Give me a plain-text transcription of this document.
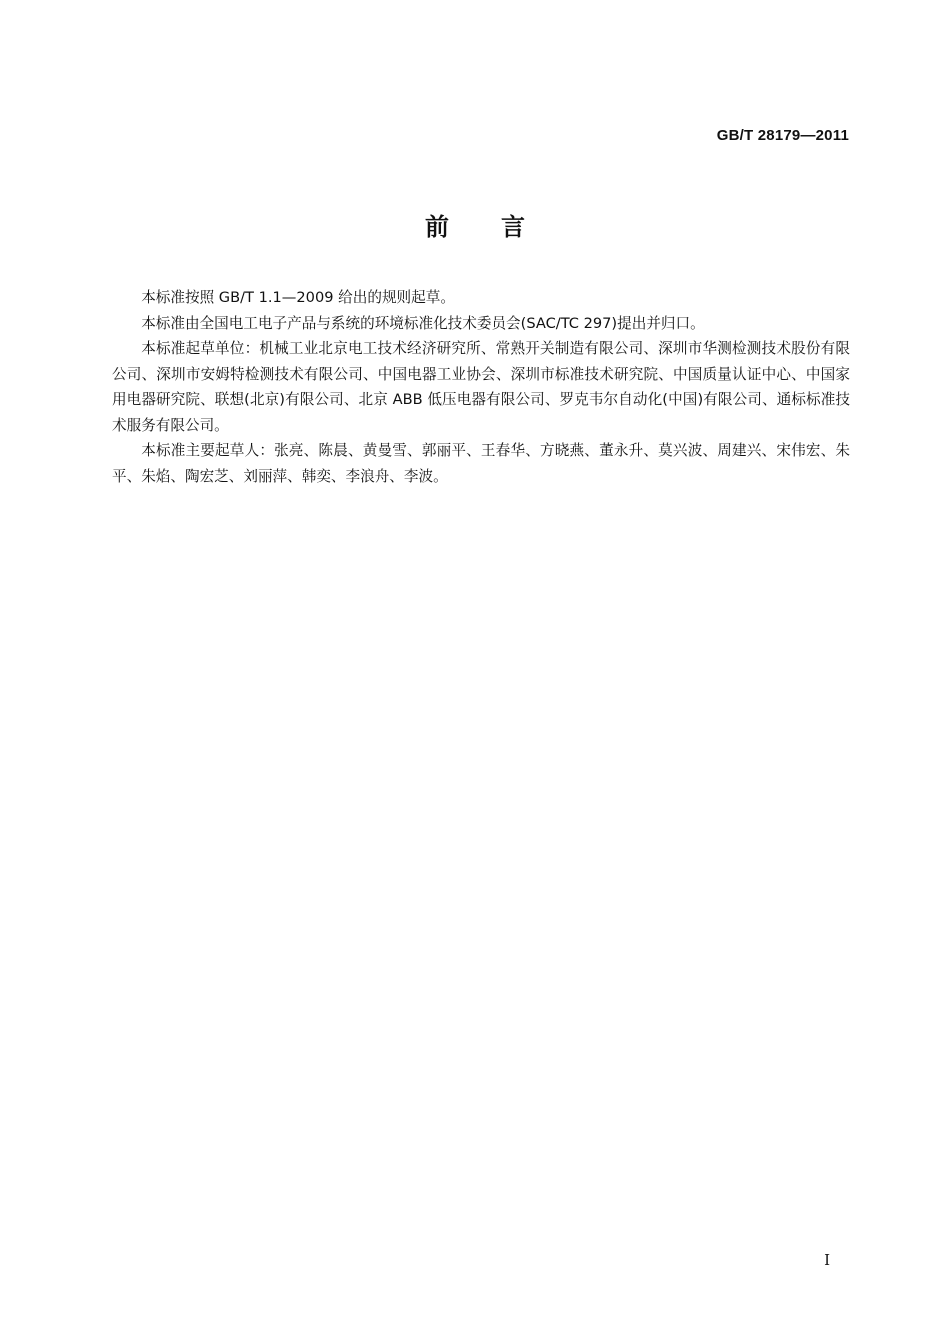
GB/T 28179—2011
前言

本标准按照 GB/T 1.1—2009 给出的规则起草。

本标准由全国电工电子产品与系统的环境标准化技术委员会(SAC/TC 297)提出并归口。

本标准起草单位：机械工业北京电工技术经济研究所、常熟开关制造有限公司、深圳市华测检测技术股份有限公司、深圳市安姆特检测技术有限公司、中国电器工业协会、深圳市标准技术研究院、中国质量认证中心、中国家用电器研究院、联想(北京)有限公司、北京 ABB 低压电器有限公司、罗克韦尔自动化(中国)有限公司、通标标准技术服务有限公司。

本标准主要起草人：张亮、陈晨、黄曼雪、郭丽平、王春华、方晓燕、董永升、莫兴波、周建兴、宋伟宏、朱平、朱焰、陶宏芝、刘丽萍、韩奕、李浪舟、李波。

I
